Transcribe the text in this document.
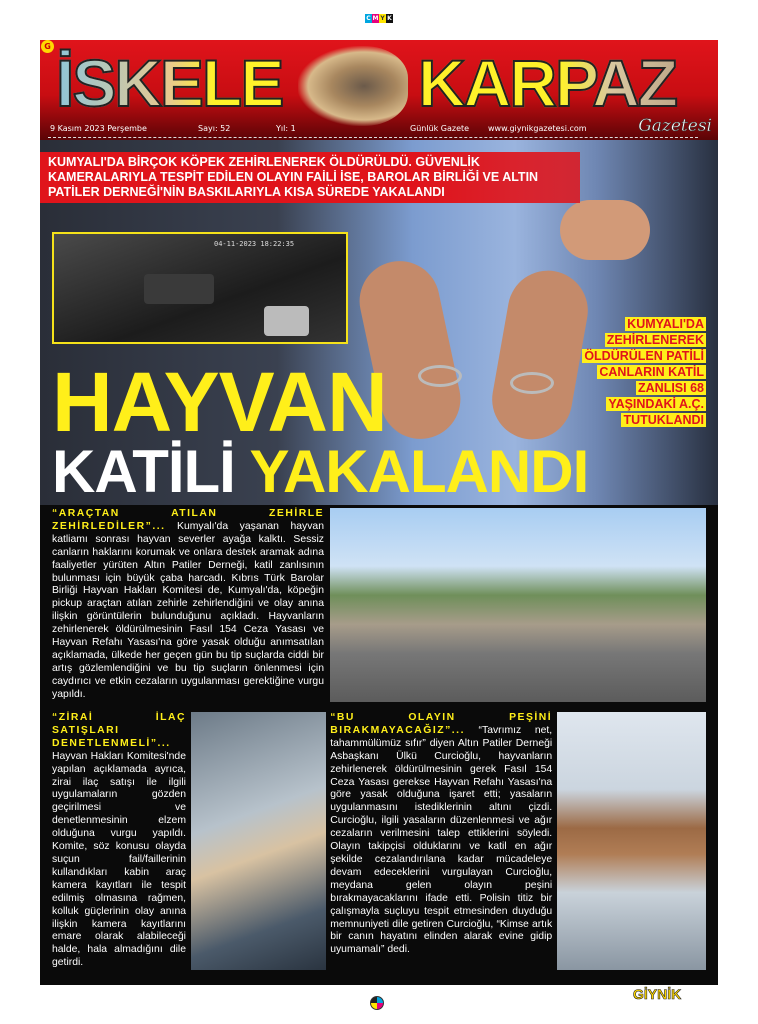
C M Y K
İSKELE
G	KARPAZ
Gazetesi
9 Kasım 2023 Perşembe	Sayı: 52	Yıl: 1	Günlük Gazete www.giynikgazetesi.com
KUMYALI'DA BİRÇOK KÖPEK ZEHİRLENEREK ÖLDÜRÜLDÜ. GÜVENLİK KAMERALARIYLA TESPİT EDİLEN OLAYIN FAİLİ İSE, BAROLAR BİRLİĞİ VE ALTIN PATİLER DERNEĞİ'NİN BASKILARIYLA KISA SÜREDE YAKALANDI
04-11-2023 18:22:35
KUMYALI'DA
ZEHİRLENEREK
ÖLDÜRÜLEN PATİLİ
CANLARIN KATİL
ZANLISI 68
YAŞINDAKİ A.Ç.
TUTUKLANDI
HAYVAN
KATİLİ YAKALANDI
“ARAÇTAN ATILAN ZEHİRLE ZEHİRLEDİLER”... Kumyalı'da yaşanan hayvan katliamı sonrası hayvan severler ayağa kalktı. Sessiz canların haklarını korumak ve onlara destek aramak adına faaliyetler yürüten Altın Patiler Derneği, katil zanlısının bulunması için büyük çaba harcadı. Kıbrıs Türk Barolar Birliği Hayvan Hakları Komitesi de, Kumyalı'da, köpeğin pickup araçtan atılan zehirle zehirlendiğini ve olay anına ilişkin görüntülerin bulunduğunu açıkladı. Hayvanların zehirlenerek öldürülmesinin Fasıl 154 Ceza Yasası ve Hayvan Refahı Yasası'na göre yasak olduğu anımsatılan açıklamada, ülkede her geçen gün bu tip suçlarda ciddi bir artış gözlemlendiğini ve bu tip suçların önlenmesi için caydırıcı ve etkin cezaların uygulanması gerektiğine vurgu yapıldı.
“ZİRAİ İLAÇ SATIŞLARI DENETLENMELİ”... Hayvan Hakları Komitesi'nde yapılan açıklamada ayrıca, zirai ilaç satışı ile ilgili uygulamaların gözden geçirilmesi ve denetlenmesinin elzem olduğuna vurgu yapıldı. Komite, söz konusu olayda suçun fail/faillerinin kullandıkları kabin araç kamera kayıtları ile tespit edilmiş olmasına rağmen, kolluk güçlerinin olay anına ilişkin kamera kayıtlarını emare olarak alabileceği halde, hala almadığını dile getirdi.
“BU OLAYIN PEŞİNİ BIRAKMAYACAĞIZ”... “Tavrımız net, tahammülümüz sıfır” diyen Altın Patiler Derneği Asbaşkanı Ülkü Curcioğlu, hayvanların zehirlenerek öldürülmesinin gerek Fasıl 154 Ceza Yasası gerekse Hayvan Refahı Yasası'na göre yasak olduğuna işaret etti; yasaların uygulanmasını istediklerinin altını çizdi. Curcioğlu, ilgili yasaların düzenlenmesi ve ağır cezaların verilmesini talep ettiklerini söyledi. Olayın takipçisi olduklarını ve katil en ağır şekilde cezalandırılana kadar mücadeleye devam edeceklerini vurgulayan Curcioğlu, meydana gelen olayın peşini bırakmayacaklarını ifade etti. Polisin titiz bir çalışmayla suçluyu tespit etmesinden duyduğu memnuniyeti dile getiren Curcioğlu, “Kimse artık bir canın hayatını elinden alarak evine gidip uyumamalı” dedi.
GİYNİK
